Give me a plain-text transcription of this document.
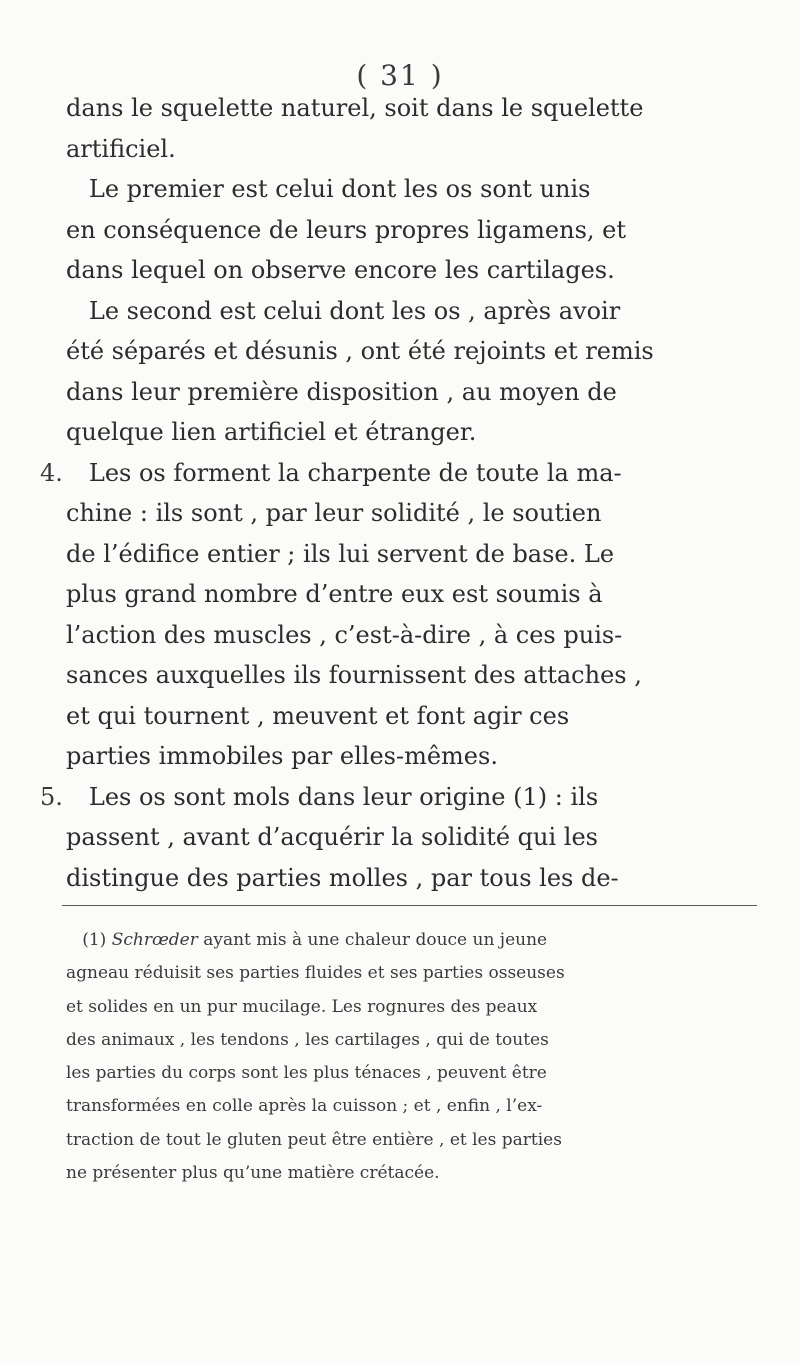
( 31 )
dans le squelette naturel, soit dans le squelette
artificiel.
Le premier est celui dont les os sont unis
en conséquence de leurs propres ligamens, et
dans lequel on observe encore les cartilages.
Le second est celui dont les os , après avoir
été séparés et désunis , ont été rejoints et remis
dans leur première disposition , au moyen de
quelque lien artificiel et étranger.
4. Les os forment la charpente de toute la ma-
chine : ils sont , par leur solidité , le soutien
de l’édifice entier ; ils lui servent de base. Le
plus grand nombre d’entre eux est soumis à
l’action des muscles , c’est-à-dire , à ces puis-
sances auxquelles ils fournissent des attaches ,
et qui tournent , meuvent et font agir ces
parties immobiles par elles-mêmes.
5. Les os sont mols dans leur origine (1) : ils
passent , avant d’acquérir la solidité qui les
distingue des parties molles , par tous les de-
(1) Schrœder ayant mis à une chaleur douce un jeune
agneau réduisit ses parties fluides et ses parties osseuses
et solides en un pur mucilage. Les rognures des peaux
des animaux , les tendons , les cartilages , qui de toutes
les parties du corps sont les plus ténaces , peuvent être
transformées en colle après la cuisson ; et , enfin , l’ex-
traction de tout le gluten peut être entière , et les parties
ne présenter plus qu’une matière crétacée.
